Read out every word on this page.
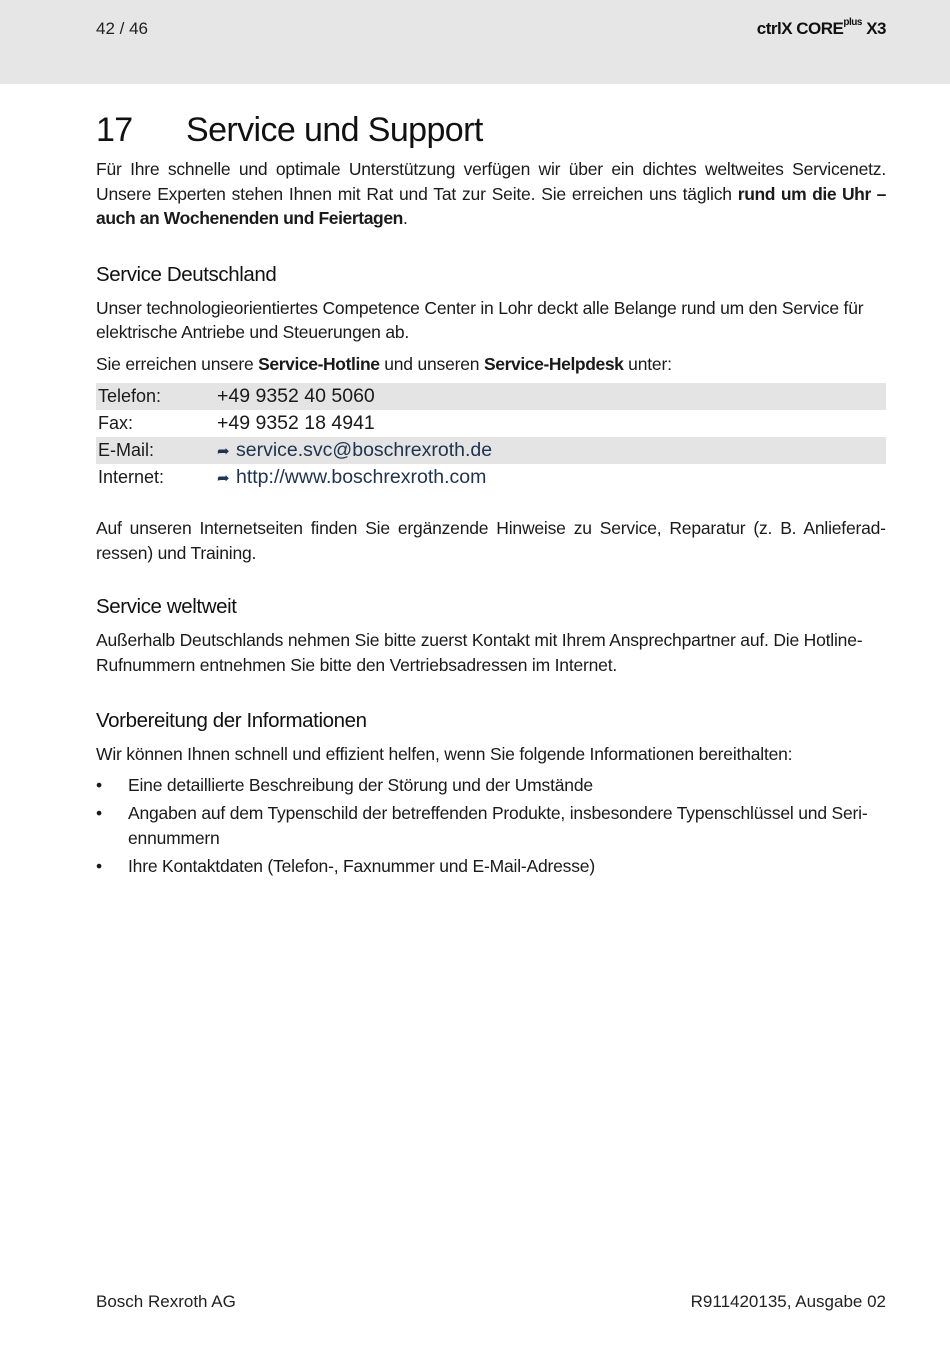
42 / 46	ctrlX $CORE^{plus}$ X3
17 Service und Support

Für Ihre schnelle und optimale Unterstützung verfügen wir über ein dichtes weltweites Servicenetz. Unsere Experten stehen Ihnen mit Rat und Tat zur Seite. Sie erreichen uns täglich rund um die Uhr – auch an Wochenenden und Feiertagen.

Service Deutschland

Unser technologieorientiertes Competence Center in Lohr deckt alle Belange rund um den Service für elektrische Antriebe und Steuerungen ab.

Sie erreichen unsere Service-Hotline und unseren Service-Helpdesk unter:

Telefon:	+49 9352 40 5060
Fax:	+49 9352 18 4941
E-Mail:	➦ service.svc@boschrexroth.de
Internet:	➦ http://www.boschrexroth.com

Auf unseren Internetseiten finden Sie ergänzende Hinweise zu Service, Reparatur (z. B. Anlieferadressen) und Training.

Service weltweit

Außerhalb Deutschlands nehmen Sie bitte zuerst Kontakt mit Ihrem Ansprechpartner auf. Die Hotline-Rufnummern entnehmen Sie bitte den Vertriebsadressen im Internet.

Vorbereitung der Informationen

Wir können Ihnen schnell und effizient helfen, wenn Sie folgende Informationen bereithalten:

• Eine detaillierte Beschreibung der Störung und der Umstände
• Angaben auf dem Typenschild der betreffenden Produkte, insbesondere Typenschlüssel und Seriennummern
• Ihre Kontaktdaten (Telefon-, Faxnummer und E-Mail-Adresse)
Bosch Rexroth AG	R911420135, Ausgabe 02
